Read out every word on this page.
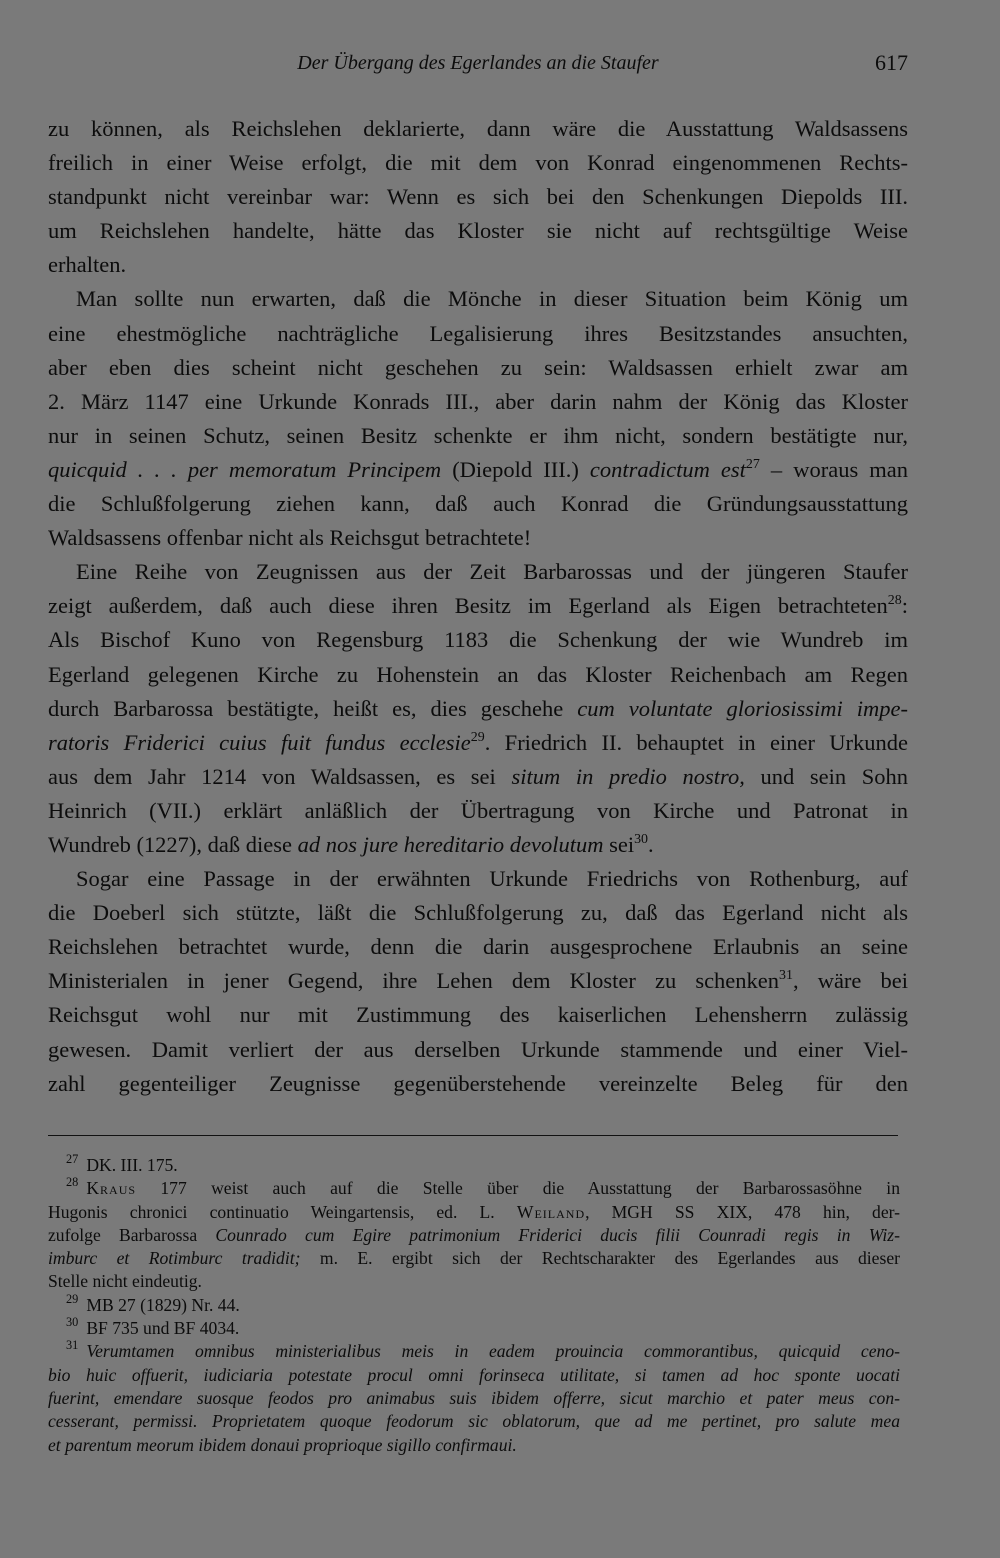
Der Übergang des Egerlandes an die Staufer	617
zu können, als Reichslehen deklarierte, dann wäre die Ausstattung Waldsassens
freilich in einer Weise erfolgt, die mit dem von Konrad eingenommenen Rechts-
standpunkt nicht vereinbar war: Wenn es sich bei den Schenkungen Diepolds III.
um Reichslehen handelte, hätte das Kloster sie nicht auf rechtsgültige Weise
erhalten.
Man sollte nun erwarten, daß die Mönche in dieser Situation beim König um
eine ehestmögliche nachträgliche Legalisierung ihres Besitzstandes ansuchten,
aber eben dies scheint nicht geschehen zu sein: Waldsassen erhielt zwar am
2. März 1147 eine Urkunde Konrads III., aber darin nahm der König das Kloster
nur in seinen Schutz, seinen Besitz schenkte er ihm nicht, sondern bestätigte nur,
quicquid . . . per memoratum Principem (Diepold III.) contradictum est$^{27}$ – woraus man
die Schlußfolgerung ziehen kann, daß auch Konrad die Gründungsausstattung
Waldsassens offenbar nicht als Reichsgut betrachtete!
Eine Reihe von Zeugnissen aus der Zeit Barbarossas und der jüngeren Staufer
zeigt außerdem, daß auch diese ihren Besitz im Egerland als Eigen betrachteten$^{28}$:
Als Bischof Kuno von Regensburg 1183 die Schenkung der wie Wundreb im
Egerland gelegenen Kirche zu Hohenstein an das Kloster Reichenbach am Regen
durch Barbarossa bestätigte, heißt es, dies geschehe cum voluntate gloriosissimi impe-
ratoris Friderici cuius fuit fundus ecclesie$^{29}$. Friedrich II. behauptet in einer Urkunde
aus dem Jahr 1214 von Waldsassen, es sei situm in predio nostro, und sein Sohn
Heinrich (VII.) erklärt anläßlich der Übertragung von Kirche und Patronat in
Wundreb (1227), daß diese ad nos jure hereditario devolutum sei$^{30}$.
Sogar eine Passage in der erwähnten Urkunde Friedrichs von Rothenburg, auf
die Doeberl sich stützte, läßt die Schlußfolgerung zu, daß das Egerland nicht als
Reichslehen betrachtet wurde, denn die darin ausgesprochene Erlaubnis an seine
Ministerialen in jener Gegend, ihre Lehen dem Kloster zu schenken$^{31}$, wäre bei
Reichsgut wohl nur mit Zustimmung des kaiserlichen Lehensherrn zulässig
gewesen. Damit verliert der aus derselben Urkunde stammende und einer Viel-
zahl gegenteiliger Zeugnisse gegenüberstehende vereinzelte Beleg für den
$^{27}$ DK. III. 175.
$^{28}$ Kraus 177 weist auch auf die Stelle über die Ausstattung der Barbarossasöhne in
Hugonis chronici continuatio Weingartensis, ed. L. Weiland, MGH SS XIX, 478 hin, der-
zufolge Barbarossa Counrado cum Egire patrimonium Friderici ducis filii Counradi regis in Wiz-
imburc et Rotimburc tradidit; m. E. ergibt sich der Rechtscharakter des Egerlandes aus dieser
Stelle nicht eindeutig.
$^{29}$ MB 27 (1829) Nr. 44.
$^{30}$ BF 735 und BF 4034.
$^{31}$ Verumtamen omnibus ministerialibus meis in eadem prouincia commorantibus, quicquid ceno-
bio huic offuerit, iudiciaria potestate procul omni forinseca utilitate, si tamen ad hoc sponte uocati
fuerint, emendare suosque feodos pro animabus suis ibidem offerre, sicut marchio et pater meus con-
cesserant, permissi. Proprietatem quoque feodorum sic oblatorum, que ad me pertinet, pro salute mea
et parentum meorum ibidem donaui proprioque sigillo confirmaui.
